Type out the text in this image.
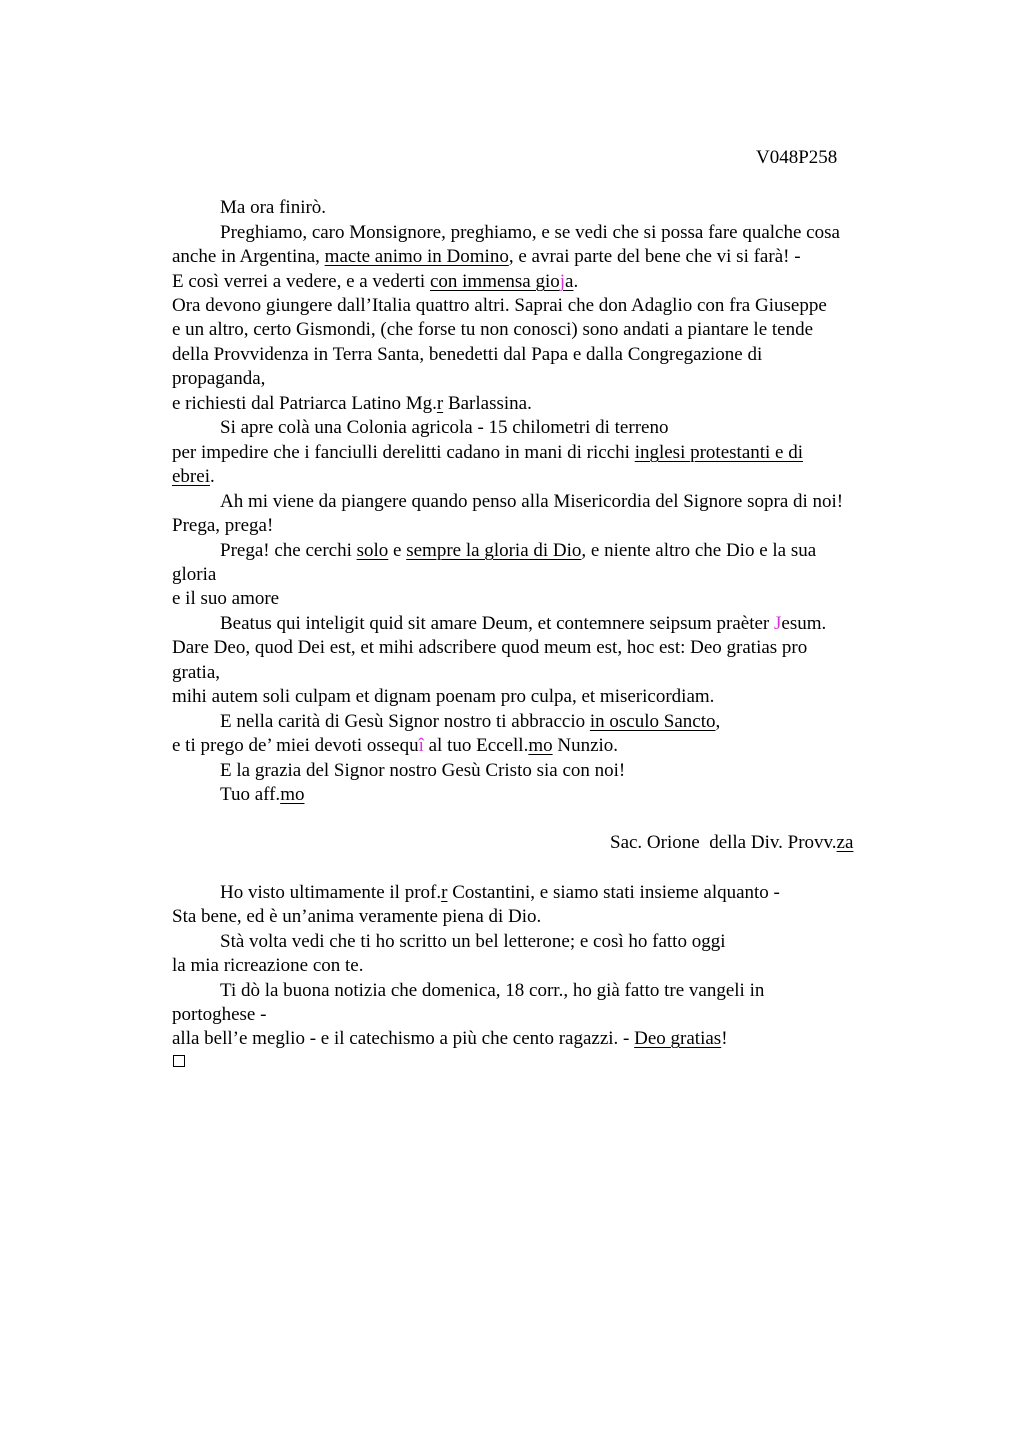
V048P258
Ma ora finirò.
Preghiamo, caro Monsignore, preghiamo, e se vedi che si possa fare qualche cosa
anche in Argentina, macte animo in Domino, e avrai parte del bene che vi si farà! -
E così verrei a vedere, e a vederti con immensa gioja.
Ora devono giungere dall’Italia quattro altri. Saprai che don Adaglio con fra Giuseppe
e un altro, certo Gismondi, (che forse tu non conosci) sono andati a piantare le tende
della Provvidenza in Terra Santa, benedetti dal Papa e dalla Congregazione di
propaganda,
e richiesti dal Patriarca Latino Mg.r Barlassina.
Si apre colà una Colonia agricola - 15 chilometri di terreno
per impedire che i fanciulli derelitti cadano in mani di ricchi inglesi protestanti e di
ebrei.
Ah mi viene da piangere quando penso alla Misericordia del Signore sopra di noi!
Prega, prega!
Prega! che cerchi solo e sempre la gloria di Dio, e niente altro che Dio e la sua
gloria
e il suo amore
Beatus qui inteligit quid sit amare Deum, et contemnere seipsum praèter Jesum.
Dare Deo, quod Dei est, et mihi adscribere quod meum est, hoc est: Deo gratias pro
gratia,
mihi autem soli culpam et dignam poenam pro culpa, et misericordiam.
E nella carità di Gesù Signor nostro ti abbraccio in osculo Sancto,
e ti prego de’ miei devoti ossequî al tuo Eccell.mo Nunzio.
E la grazia del Signor nostro Gesù Cristo sia con noi!
Tuo aff.mo
Sac. Orione  della Div. Provv.za
Ho visto ultimamente il prof.r Costantini, e siamo stati insieme alquanto -
Sta bene, ed è un’anima veramente piena di Dio.
Stà volta vedi che ti ho scritto un bel letterone; e così ho fatto oggi
la mia ricreazione con te.
Ti dò la buona notizia che domenica, 18 corr., ho già fatto tre vangeli in
portoghese -
alla bell’e meglio - e il catechismo a più che cento ragazzi. - Deo gratias!
